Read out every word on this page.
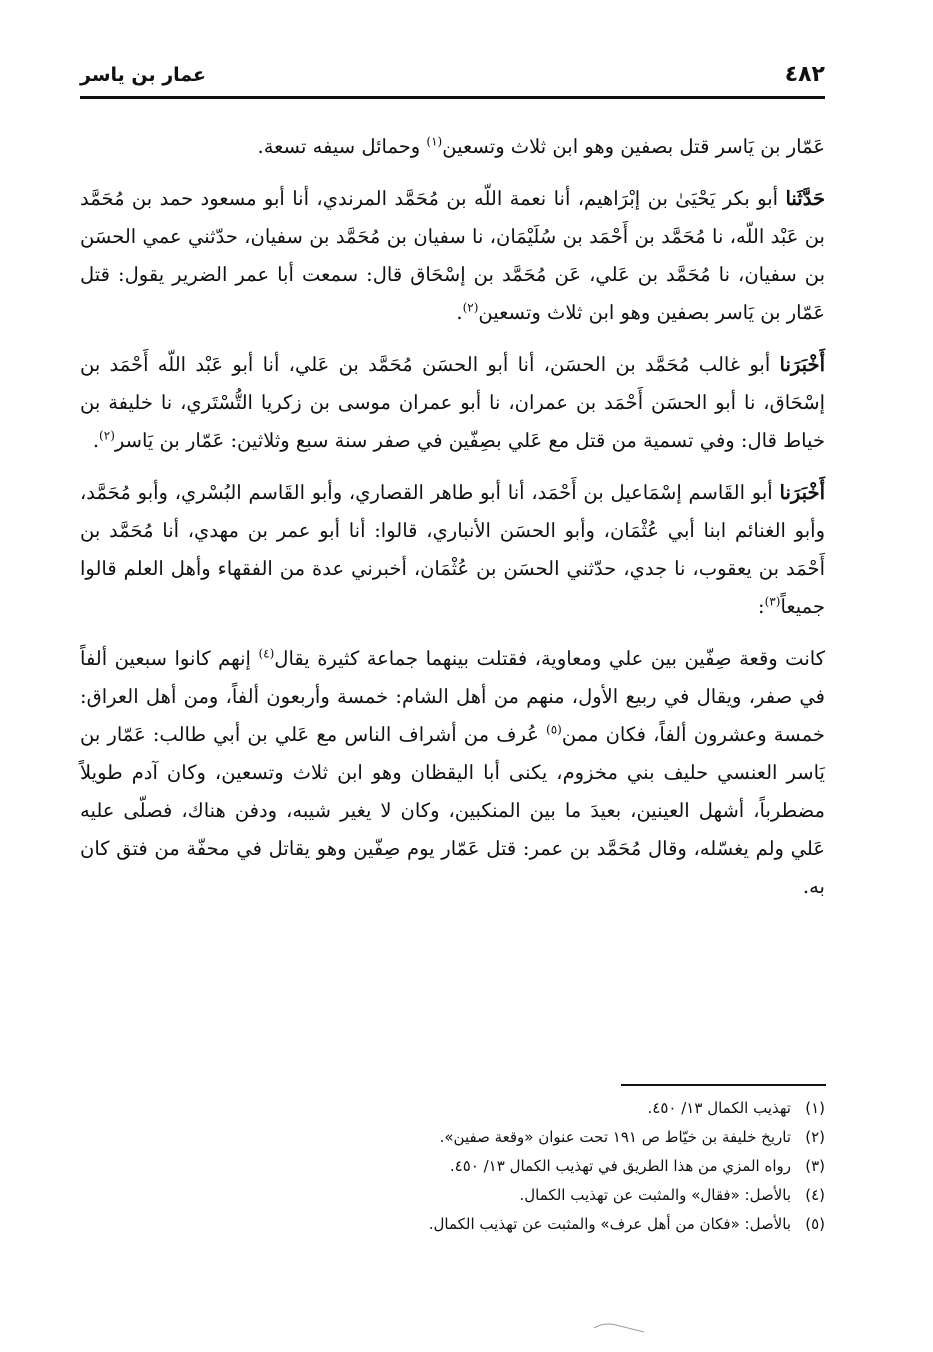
٤٨٢
عمار بن ياسر

عَمّار بن يَاسر قتل بصفين وهو ابن ثلاث وتسعين$^{(١)}$ وحمائل سيفه تسعة.

حَدَّثَنا أبو بكر يَحْيَىٰ بن إبْرَاهيم، أنا نعمة اللّه بن مُحَمَّد المرندي، أنا أبو مسعود حمد بن مُحَمَّد بن عَبْد اللّه، نا مُحَمَّد بن أَحْمَد بن سُلَيْمَان، نا سفيان بن مُحَمَّد بن سفيان، حدّثني عمي الحسَن بن سفيان، نا مُحَمَّد بن عَلي، عَن مُحَمَّد بن إسْحَاق قال: سمعت أبا عمر الضرير يقول: قتل عَمّار بن يَاسر بصفين وهو ابن ثلاث وتسعين$^{(٢)}$.

أَخْبَرَنا أبو غالب مُحَمَّد بن الحسَن، أنا أبو الحسَن مُحَمَّد بن عَلي، أنا أبو عَبْد اللّه أَحْمَد بن إسْحَاق، نا أبو الحسَن أَحْمَد بن عمران، نا أبو عمران موسى بن زكريا التُّسْتَري، نا خليفة بن خياط قال: وفي تسمية من قتل مع عَلي بصِفّين في صفر سنة سبع وثلاثين: عَمّار بن يَاسر$^{(٢)}$.

أَخْبَرَنا أبو القَاسم إسْمَاعيل بن أَحْمَد، أنا أبو طاهر القصاري، وأبو القَاسم البُسْري، وأبو مُحَمَّد، وأبو الغنائم ابنا أبي عُثْمَان، وأبو الحسَن الأنباري، قالوا: أنا أبو عمر بن مهدي، أنا مُحَمَّد بن أَحْمَد بن يعقوب، نا جدي، حدّثني الحسَن بن عُثْمَان، أخبرني عدة من الفقهاء وأهل العلم قالوا جميعاً$^{(٣)}$:

كانت وقعة صِفّين بين علي ومعاوية، فقتلت بينهما جماعة كثيرة يقال$^{(٤)}$ إنهم كانوا سبعين ألفاً في صفر، ويقال في ربيع الأول، منهم من أهل الشام: خمسة وأربعون ألفاً، ومن أهل العراق: خمسة وعشرون ألفاً، فكان ممن$^{(٥)}$ عُرف من أشراف الناس مع عَلي بن أبي طالب: عَمّار بن يَاسر العنسي حليف بني مخزوم، يكنى أبا اليقظان وهو ابن ثلاث وتسعين، وكان آدم طويلاً مضطرباً، أشهل العينين، بعيدَ ما بين المنكبين، وكان لا يغير شيبه، ودفن هناك، فصلّى عليه عَلي ولم يغسّله، وقال مُحَمَّد بن عمر: قتل عَمّار يوم صِفّين وهو يقاتل في محفّة من فتق كان به.

(١)
تهذيب الكمال ١٣/ ٤٥٠.
(٢)
تاريخ خليفة بن خيّاط ص ١٩١ تحت عنوان «وقعة صفين».
(٣)
رواه المزي من هذا الطريق في تهذيب الكمال ١٣/ ٤٥٠.
(٤)
بالأصل: «فقال» والمثبت عن تهذيب الكمال.
(٥)
بالأصل: «فكان من أهل عرف» والمثبت عن تهذيب الكمال.
